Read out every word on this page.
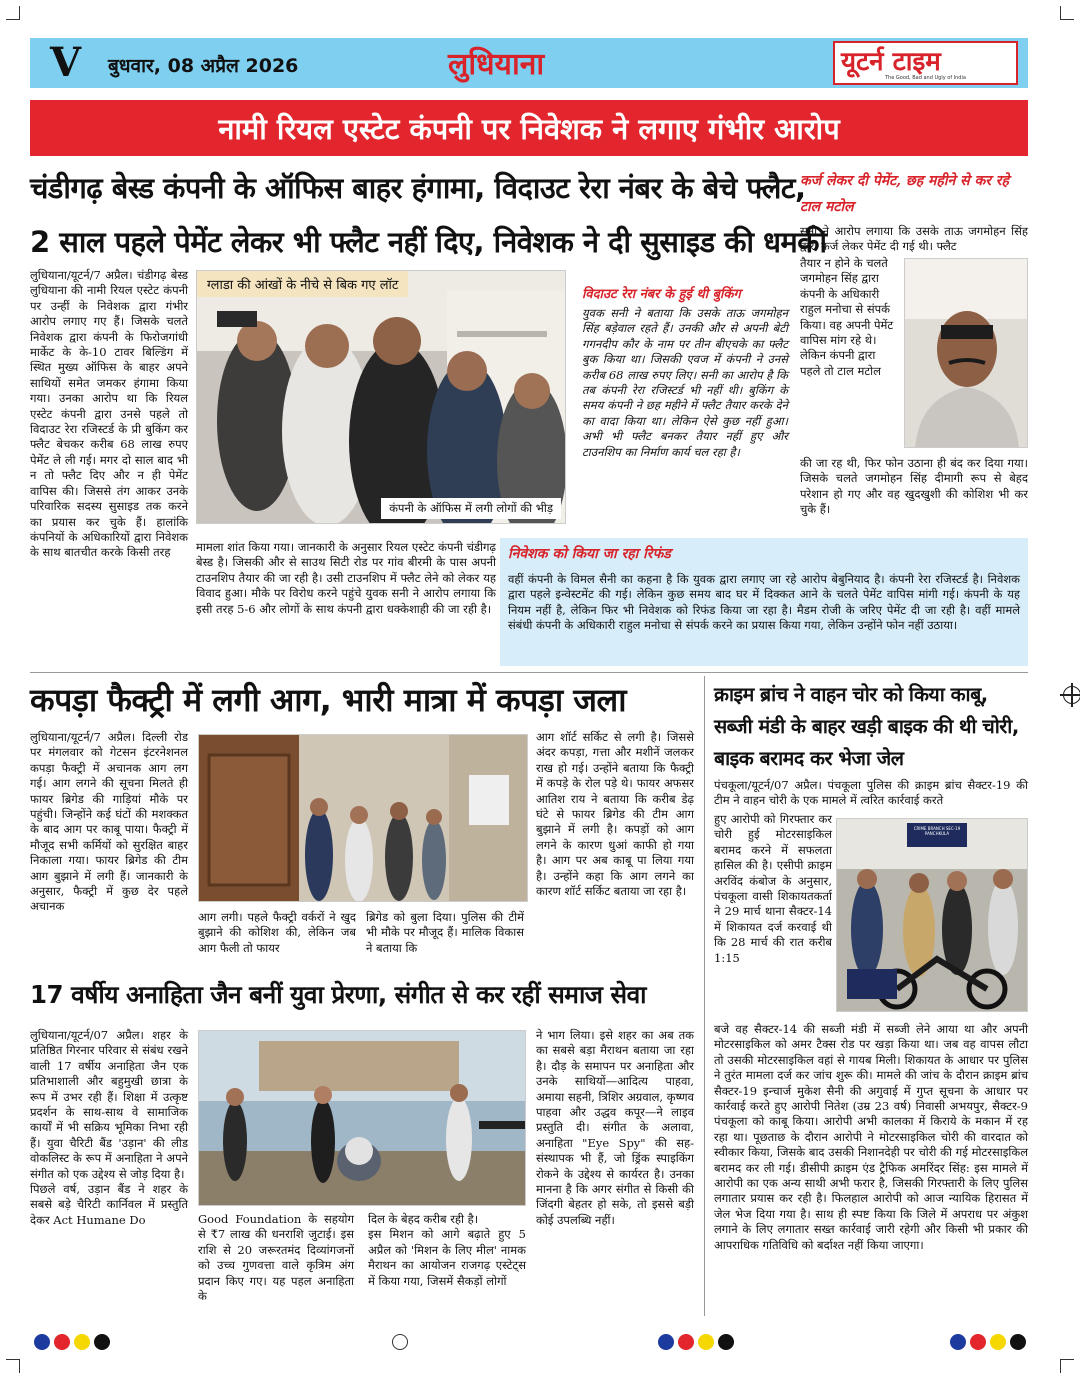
V बुधवार, 08 अप्रैल 2026	लुधियाना	यूटर्न टाइम
The Good, Bad and Ugly of India
नामी रियल एस्टेट कंपनी पर निवेशक ने लगाए गंभीर आरोप
चंडीगढ़ बेस्ड कंपनी के ऑफिस बाहर हंगामा, विदाउट रेरा नंबर के बेचे फ्लैट,
2 साल पहले पेमेंट लेकर भी फ्लैट नहीं दिए, निवेशक ने दी सुसाइड की धमकी
लुधियाना/यूटर्न/7 अप्रैल। चंडीगढ़ बेस्ड लुधियाना की नामी रियल एस्टेट कंपनी पर उन्हीं के निवेशक द्वारा गंभीर आरोप लगाए गए हैं। जिसके चलते निवेशक द्वारा कंपनी के फिरोजगांधी मार्केट के के-10 टावर बिल्डिंग में स्थित मुख्य ऑफिस के बाहर अपने साथियों समेत जमकर हंगामा किया गया। उनका आरोप था कि रियल एस्टेट कंपनी द्वारा उनसे पहले तो विदाउट रेरा रजिस्टर्ड के प्री बुकिंग कर फ्लैट बेचकर करीब 68 लाख रुपए पेमेंट ले ली गई। मगर दो साल बाद भी न तो फ्लैट दिए और न ही पेमेंट वापिस की। जिससे तंग आकर उनके परिवारिक सदस्य सुसाइड तक करने का प्रयास कर चुके हैं। हालांकि कंपनियों के अधिकारियों द्वारा निवेशक के साथ बातचीत करके किसी तरह
ग्लाडा की आंखों के नीचे से बिक गए लॉट
कंपनी के ऑफिस में लगी लोगों की भीड़
मामला शांत किया गया। जानकारी के अनुसार रियल एस्टेट कंपनी चंडीगढ़ बेस्ड है। जिसकी और से साउथ सिटी रोड पर गांव बीरमी के पास अपनी टाउनशिप तैयार की जा रही है। उसी टाउनशिप में फ्लैट लेने को लेकर यह विवाद हुआ। मौके पर विरोध करने पहुंचे युवक सनी ने आरोप लगाया कि इसी तरह 5-6 और लोगों के साथ कंपनी द्वारा धक्केशाही की जा रही है।
विदाउट रेरा नंबर के हुई थी बुकिंग
युवक सनी ने बताया कि उसके ताऊ जगमोहन सिंह बड़ेवाल रहते हैं। उनकी और से अपनी बेटी गगनदीप कौर के नाम पर तीन बीएचके का फ्लैट बुक किया था। जिसकी एवज में कंपनी ने उनसे करीब 68 लाख रुपए लिए। सनी का आरोप है कि तब कंपनी रेरा रजिस्टर्ड भी नहीं थी। बुकिंग के समय कंपनी ने छह महीने में फ्लैट तैयार करके देने का वादा किया था। लेकिन ऐसे कुछ नहीं हुआ। अभी भी फ्लैट बनकर तैयार नहीं हुए और टाउनशिप का निर्माण कार्य चल रहा है।
निवेशक को किया जा रहा रिफंड
वहीं कंपनी के विमल सैनी का कहना है कि युवक द्वारा लगाए जा रहे आरोप बेबुनियाद है। कंपनी रेरा रजिस्टर्ड है। निवेशक द्वारा पहले इन्वेस्टमेंट की गई। लेकिन कुछ समय बाद घर में दिक्कत आने के चलते पेमेंट वापिस मांगी गई। कंपनी के यह नियम नहीं है, लेकिन फिर भी निवेशक को रिफंड किया जा रहा है। मैडम रोजी के जरिए पेमेंट दी जा रही है। वहीं मामले संबंधी कंपनी के अधिकारी राहुल मनोचा से संपर्क करने का प्रयास किया गया, लेकिन उन्होंने फोन नहीं उठाया।
कर्ज लेकर दी पेमेंट, छह महीने से कर रहे टाल मटोल
सनी ने आरोप लगाया कि उसके ताऊ जगमोहन सिंह द्वारा कर्ज लेकर पेमेंट दी गई थी। फ्लैट
तैयार न होने के चलते जगमोहन सिंह द्वारा कंपनी के अधिकारी राहुल मनोचा से संपर्क किया। वह अपनी पेमेंट वापिस मांग रहे थे। लेकिन कंपनी द्वारा पहले तो टाल मटोल
की जा रह थी, फिर फोन उठाना ही बंद कर दिया गया। जिसके चलते जगमोहन सिंह दीमागी रूप से बेहद परेशान हो गए और वह खुदखुशी की कोशिश भी कर चुके हैं।
कपड़ा फैक्ट्री में लगी आग, भारी मात्रा में कपड़ा जला
लुधियाना/यूटर्न/7 अप्रैल। दिल्ली रोड पर मंगलवार को गेटसन इंटरनेशनल कपड़ा फैक्ट्री में अचानक आग लग गई। आग लगने की सूचना मिलते ही फायर ब्रिगेड की गाड़ियां मौके पर पहुंची। जिन्होंने कई घंटों की मशक्कत के बाद आग पर काबू पाया। फैक्ट्री में मौजूद सभी कर्मियों को सुरक्षित बाहर निकाला गया। फायर ब्रिगेड की टीम आग बुझाने में लगी हैं। जानकारी के अनुसार, फैक्ट्री में कुछ देर पहले अचानक
आग लगी। पहले फैक्ट्री वर्करों ने खुद बुझाने की कोशिश की, लेकिन जब आग फैली तो फायर
ब्रिगेड को बुला दिया। पुलिस की टीमें भी मौके पर मौजूद हैं। मालिक विकास ने बताया कि
आग शॉर्ट सर्किट से लगी है। जिससे अंदर कपड़ा, गत्ता और मशीनें जलकर राख हो गई। उन्होंने बताया कि फैक्ट्री में कपड़े के रोल पड़े थे। फायर अफसर आतिश राय ने बताया कि करीब डेढ़ घंटे से फायर ब्रिगेड की टीम आग बुझाने में लगी है। कपड़ों को आग लगने के कारण धुआं काफी हो गया है। आग पर अब काबू पा लिया गया है। उन्होंने कहा कि आग लगने का कारण शॉर्ट सर्किट बताया जा रहा है।
17 वर्षीय अनाहिता जैन बनीं युवा प्रेरणा, संगीत से कर रहीं समाज सेवा
लुधियाना/यूटर्न/07 अप्रैल। शहर के प्रतिष्ठित गिरनार परिवार से संबंध रखने वाली 17 वर्षीय अनाहिता जैन एक प्रतिभाशाली और बहुमुखी छात्रा के रूप में उभर रही हैं। शिक्षा में उत्कृष्ट प्रदर्शन के साथ-साथ वे सामाजिक कार्यों में भी सक्रिय भूमिका निभा रही हैं। युवा चैरिटी बैंड 'उड़ान' की लीड वोकलिस्ट के रूप में अनाहिता ने अपने संगीत को एक उद्देश्य से जोड़ दिया है।
पिछले वर्ष, उड़ान बैंड ने शहर के सबसे बड़े चैरिटी कार्निवल में प्रस्तुति देकर Act Humane Do	Good Foundation के सहयोग से ₹7 लाख की धनराशि जुटाई। इस राशि से 20 जरूरतमंद दिव्यांगजनों को उच्च गुणवत्ता वाले कृत्रिम अंग प्रदान किए गए। यह पहल अनाहिता के
दिल के बेहद करीब रही है।
इस मिशन को आगे बढ़ाते हुए 5 अप्रैल को 'मिशन के लिए मील' नामक मैराथन का आयोजन राजगढ़ एस्टेट्स में किया गया, जिसमें सैकड़ों लोगों
ने भाग लिया। इसे शहर का अब तक का सबसे बड़ा मैराथन बताया जा रहा है। दौड़ के समापन पर अनाहिता और उनके साथियों—आदित्य पाहवा, अमाया सहनी, त्रिशिर अग्रवाल, कृष्णव पाहवा और उद्धव कपूर—ने लाइव प्रस्तुति दी। संगीत के अलावा, अनाहिता "Eye Spy" की सह-संस्थापक भी हैं, जो ड्रिंक स्पाइकिंग रोकने के उद्देश्य से कार्यरत है। उनका मानना है कि अगर संगीत से किसी की जिंदगी बेहतर हो सके, तो इससे बड़ी कोई उपलब्धि नहीं।
क्राइम ब्रांच ने वाहन चोर को किया काबू,
सब्जी मंडी के बाहर खड़ी बाइक की थी चोरी,
बाइक बरामद कर भेजा जेल
पंचकूला/यूटर्न/07 अप्रैल। पंचकूला पुलिस की क्राइम ब्रांच सैक्टर-19 की टीम ने वाहन चोरी के एक मामले में त्वरित कार्रवाई करते
हुए आरोपी को गिरफ्तार कर चोरी हुई मोटरसाइकिल बरामद करने में सफलता हासिल की है। एसीपी क्राइम अरविंद कंबोज के अनुसार, पंचकूला वासी शिकायतकर्ता ने 29 मार्च थाना सैक्टर-14 में शिकायत दर्ज करवाई थी कि 28 मार्च की रात करीब 1:15
CRIME BRANCH SEC-19 PANCHKULA
बजे वह सैक्टर-14 की सब्जी मंडी में सब्जी लेने आया था और अपनी मोटरसाइकिल को अमर टैक्स रोड पर खड़ा किया था। जब वह वापस लौटा तो उसकी मोटरसाइकिल वहां से गायब मिली। शिकायत के आधार पर पुलिस ने तुरंत मामला दर्ज कर जांच शुरू की। मामले की जांच के दौरान क्राइम ब्रांच सैक्टर-19 इन्चार्ज मुकेश सैनी की अगुवाई में गुप्त सूचना के आधार पर कार्रवाई करते हुए आरोपी नितेश (उम्र 23 वर्ष) निवासी अभयपुर, सैक्टर-9 पंचकूला को काबू किया। आरोपी अभी कालका में किराये के मकान में रह रहा था। पूछताछ के दौरान आरोपी ने मोटरसाइकिल चोरी की वारदात को स्वीकार किया, जिसके बाद उसकी निशानदेही पर चोरी की गई मोटरसाइकिल बरामद कर ली गई। डीसीपी क्राइम एंड ट्रैफिक अमरिंदर सिंह: इस मामले में आरोपी का एक अन्य साथी अभी फरार है, जिसकी गिरफ्तारी के लिए पुलिस लगातार प्रयास कर रही है। फिलहाल आरोपी को आज न्यायिक हिरासत में जेल भेज दिया गया है। साथ ही स्पष्ट किया कि जिले में अपराध पर अंकुश लगाने के लिए लगातार सख्त कार्रवाई जारी रहेगी और किसी भी प्रकार की आपराधिक गतिविधि को बर्दाश्त नहीं किया जाएगा।
